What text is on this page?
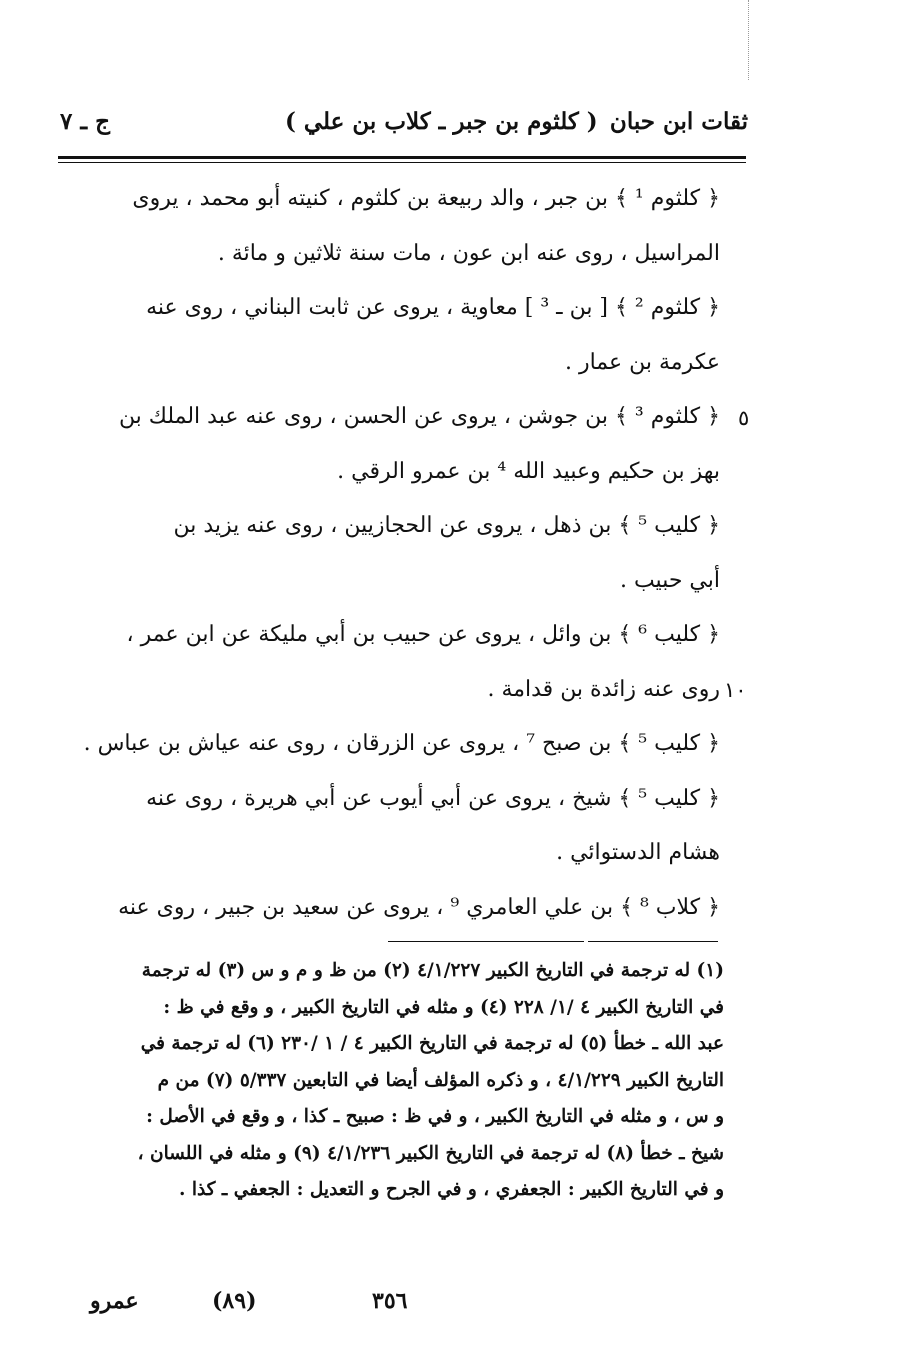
ثقات ابن حبان
( كلثوم بن جبر ـ كلاب بن علي )
ج ـ ٧
٥
١٠

﴿ كلثوم ¹ ﴾ بن جبر ، والد ربيعة بن كلثوم ، كنيته أبو محمد ، يروى
المراسيل ، روى عنه ابن عون ، مات سنة ثلاثين و مائة .

﴿ كلثوم ² ﴾ [ بن ـ ³ ] معاوية ، يروى عن ثابت البناني ، روى عنه
عكرمة بن عمار .

﴿ كلثوم ³ ﴾ بن جوشن ، يروى عن الحسن ، روى عنه عبد الملك بن
بهز بن حكيم وعبيد الله ⁴ بن عمرو الرقي .

﴿ كليب ⁵ ﴾ بن ذهل ، يروى عن الحجازيين ، روى عنه يزيد بن
أبي حبيب .

﴿ كليب ⁶ ﴾ بن وائل ، يروى عن حبيب بن أبي مليكة عن ابن عمر ،
روى عنه زائدة بن قدامة .

﴿ كليب ⁵ ﴾ بن صبح ⁷ ، يروى عن الزرقان ، روى عنه عياش بن عباس .

﴿ كليب ⁵ ﴾ شيخ ، يروى عن أبي أيوب عن أبي هريرة ، روى عنه
هشام الدستوائي .

﴿ كلاب ⁸ ﴾ بن علي العامري ⁹ ، يروى عن سعيد بن جبير ، روى عنه

(١) له ترجمة في التاريخ الكبير ٤/١/٢٢٧ (٢) من ظ و م و س (٣) له ترجمة

في التاريخ الكبير ٤ /١/ ٢٢٨ (٤) و مثله في التاريخ الكبير ، و وقع في ظ :

عبد الله ـ خطأ (٥) له ترجمة في التاريخ الكبير ٤ / ١ /٢٣٠ (٦) له ترجمة في

التاريخ الكبير ٤/١/٢٢٩ ، و ذكره المؤلف أيضا في التابعين ٥/٣٣٧ (٧) من م

و س ، و مثله في التاريخ الكبير ، و في ظ : صبيح ـ كذا ، و وقع في الأصل :

شيخ ـ خطأ (٨) له ترجمة في التاريخ الكبير ٤/١/٢٣٦ (٩) و مثله في اللسان ،

و في التاريخ الكبير : الجعفري ، و في الجرح و التعديل : الجعفي ـ كذا .

عمرو	(٨٩)	٣٥٦
